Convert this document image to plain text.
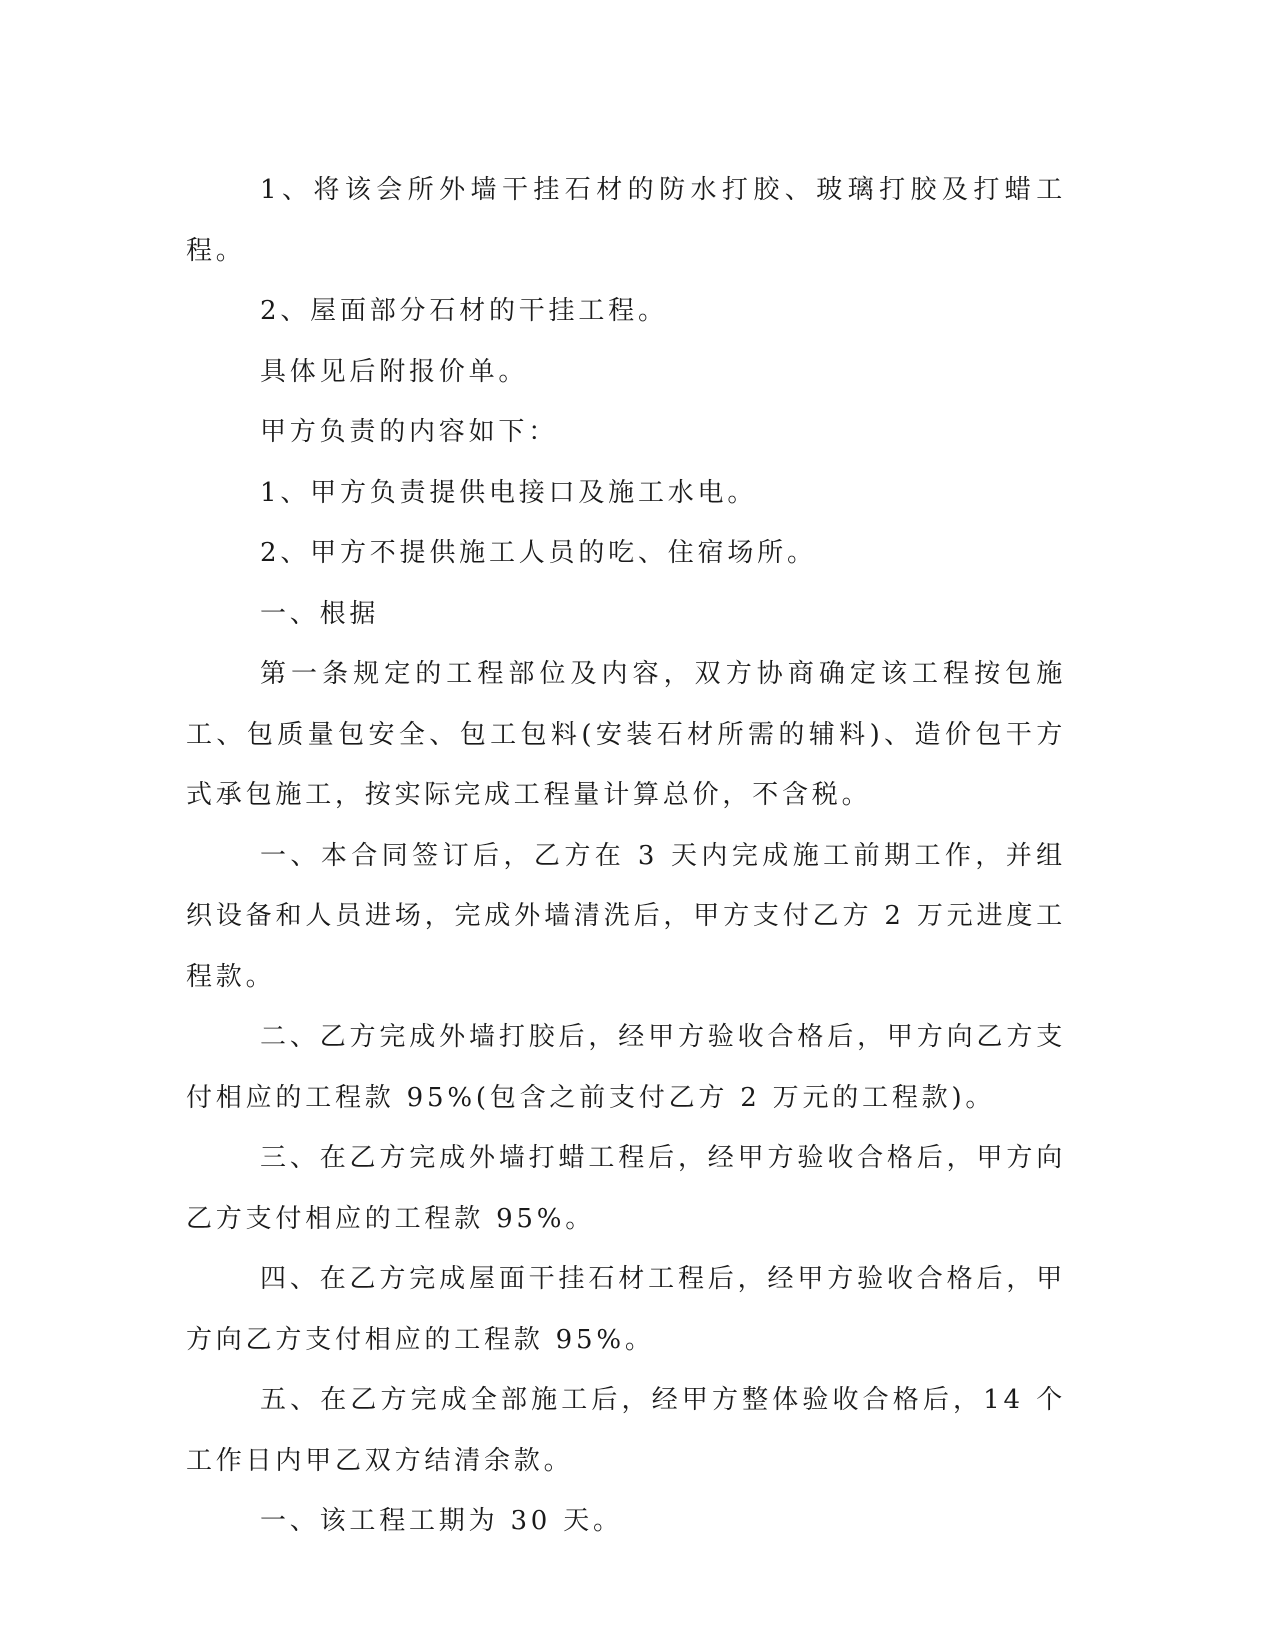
1、将该会所外墙干挂石材的防水打胶、玻璃打胶及打蜡工程。

2、屋面部分石材的干挂工程。

具体见后附报价单。

甲方负责的内容如下：

1、甲方负责提供电接口及施工水电。

2、甲方不提供施工人员的吃、住宿场所。

一、根据

第一条规定的工程部位及内容，双方协商确定该工程按包施工、包质量包安全、包工包料(安装石材所需的辅料)、造价包干方式承包施工，按实际完成工程量计算总价，不含税。

一、本合同签订后，乙方在 3 天内完成施工前期工作，并组织设备和人员进场，完成外墙清洗后，甲方支付乙方 2 万元进度工程款。

二、乙方完成外墙打胶后，经甲方验收合格后，甲方向乙方支付相应的工程款 95%(包含之前支付乙方 2 万元的工程款)。

三、在乙方完成外墙打蜡工程后，经甲方验收合格后，甲方向乙方支付相应的工程款 95%。

四、在乙方完成屋面干挂石材工程后，经甲方验收合格后，甲方向乙方支付相应的工程款 95%。

五、在乙方完成全部施工后，经甲方整体验收合格后，14 个工作日内甲乙双方结清余款。

一、该工程工期为 30 天。
